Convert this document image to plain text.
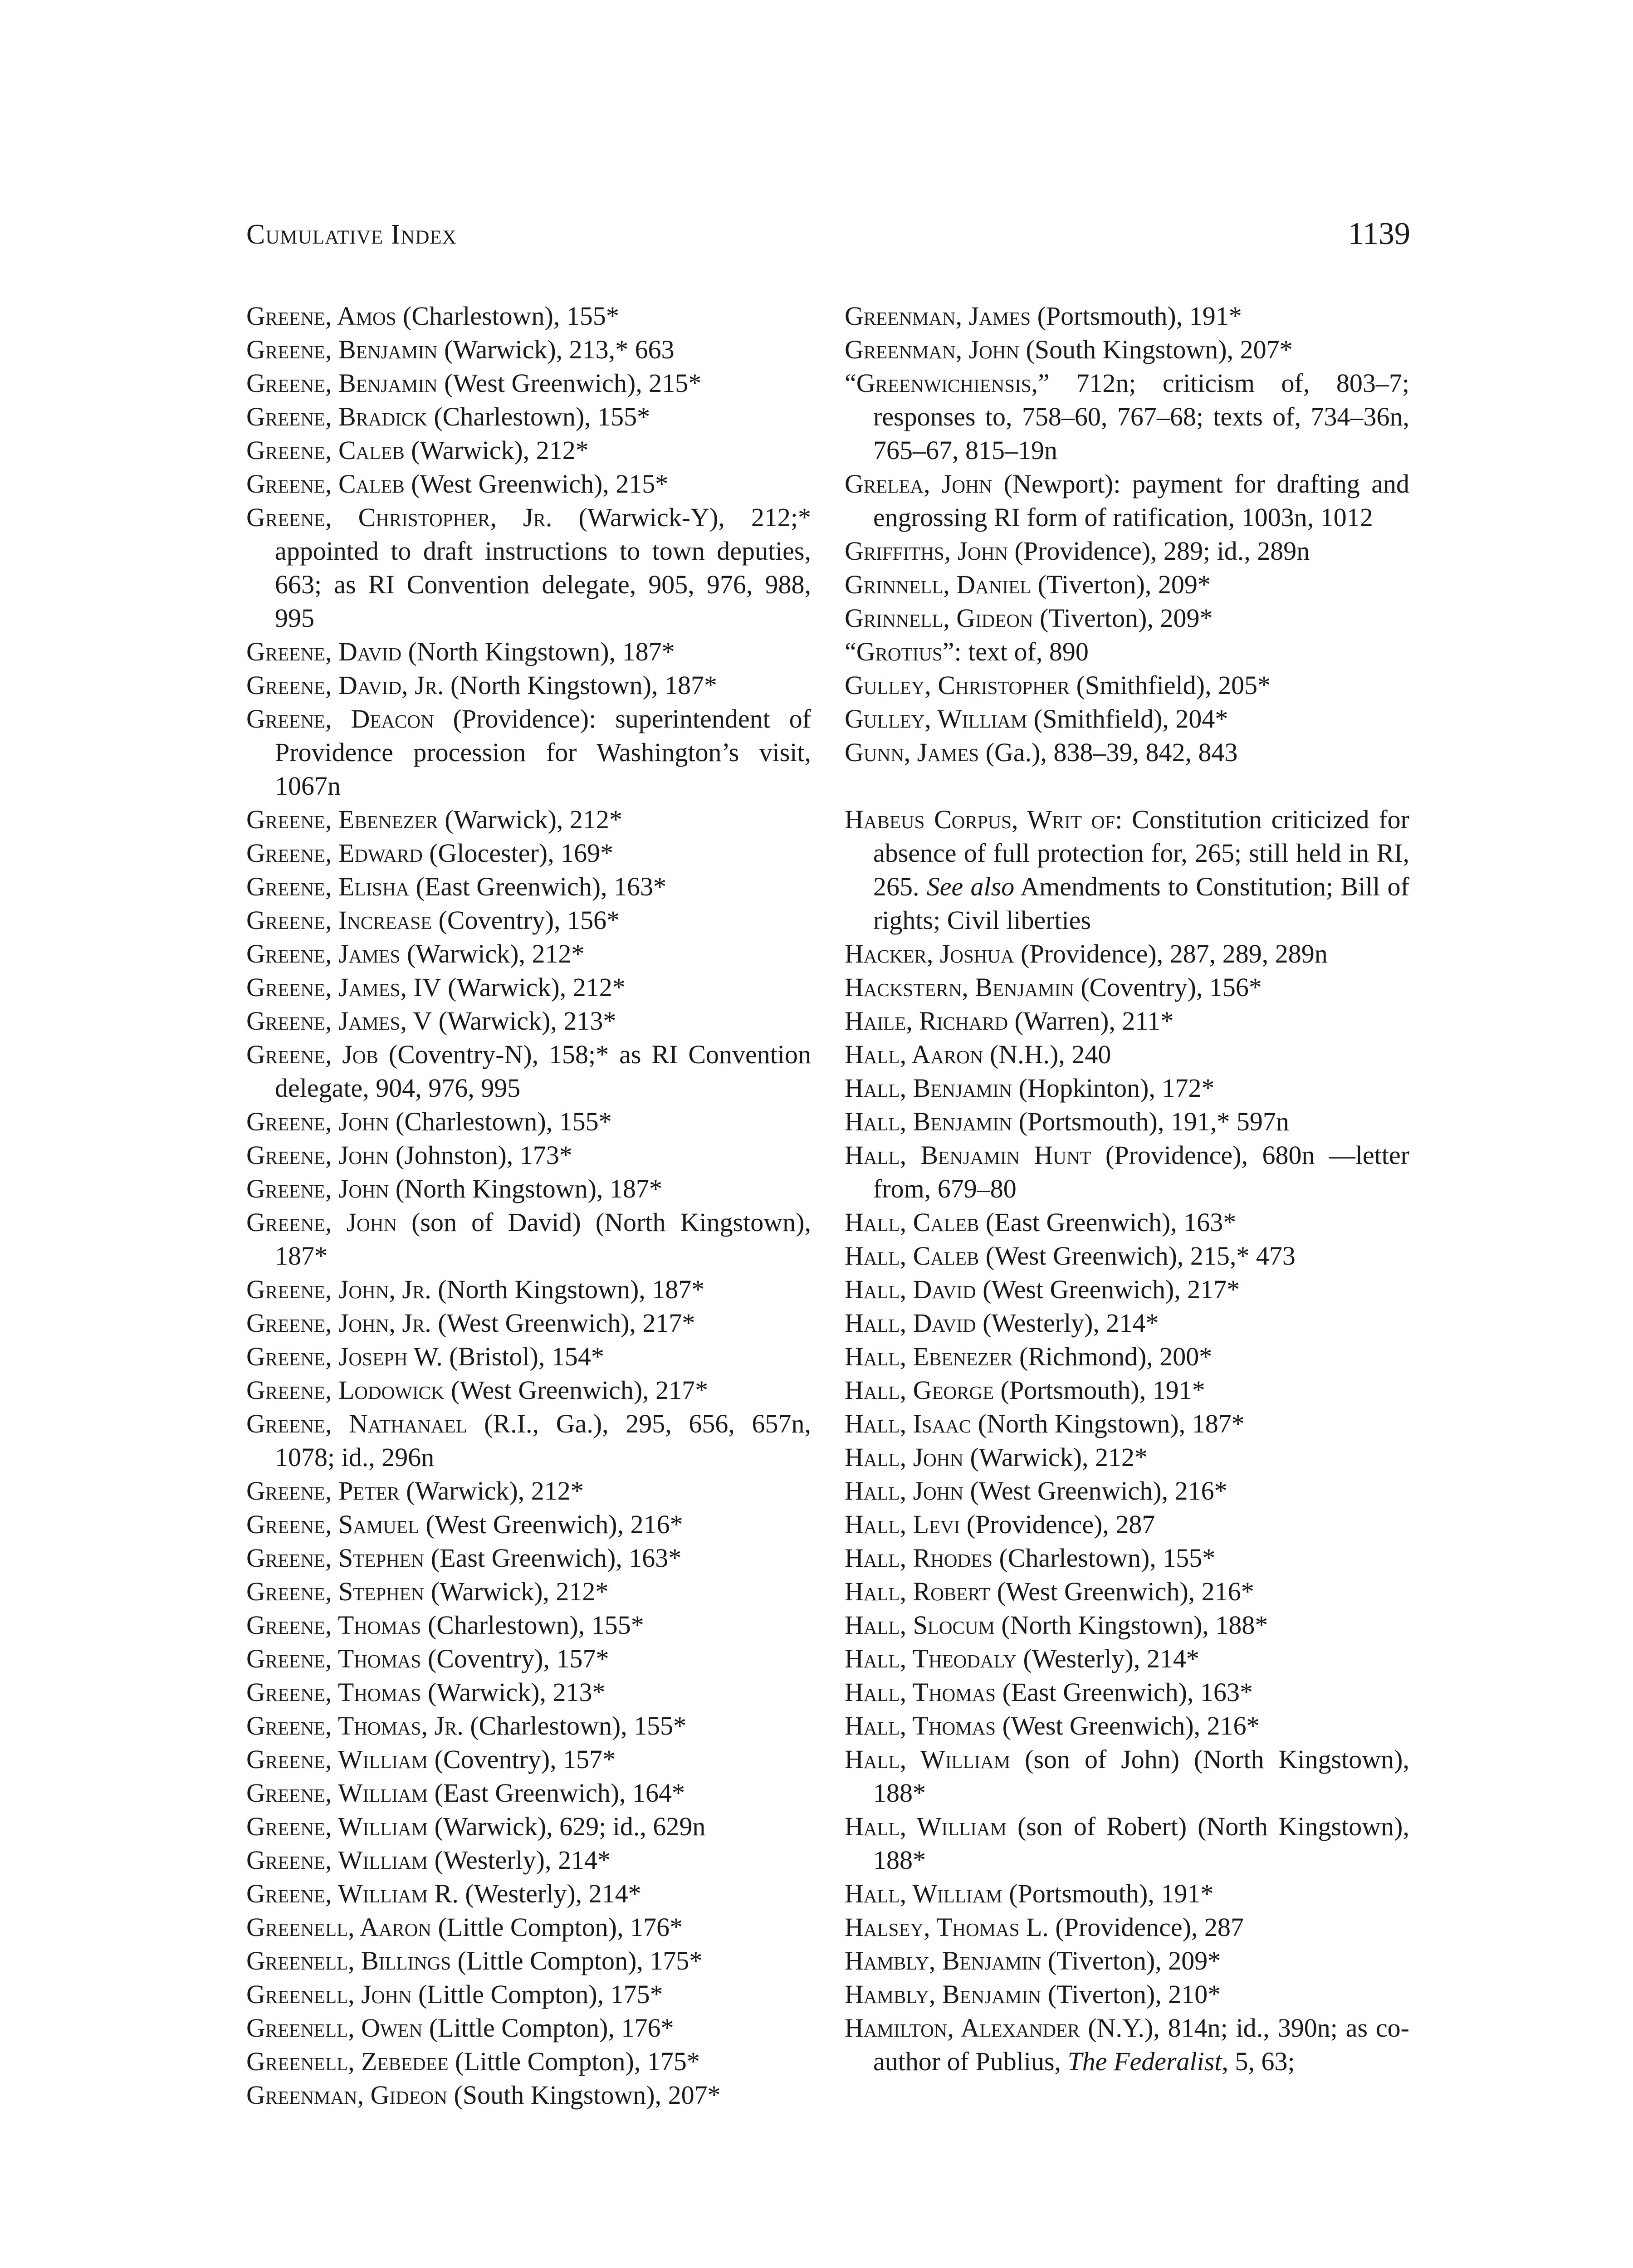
Cumulative Index	1139
Greene, Amos (Charlestown), 155*
Greene, Benjamin (Warwick), 213,* 663
Greene, Benjamin (West Greenwich), 215*
Greene, Bradick (Charlestown), 155*
Greene, Caleb (Warwick), 212*
Greene, Caleb (West Greenwich), 215*
Greene, Christopher, Jr. (Warwick-Y), 212;* appointed to draft instructions to town deputies, 663; as RI Convention delegate, 905, 976, 988, 995
Greene, David (North Kingstown), 187*
Greene, David, Jr. (North Kingstown), 187*
Greene, Deacon (Providence): superintendent of Providence procession for Washington’s visit, 1067n
Greene, Ebenezer (Warwick), 212*
Greene, Edward (Glocester), 169*
Greene, Elisha (East Greenwich), 163*
Greene, Increase (Coventry), 156*
Greene, James (Warwick), 212*
Greene, James, IV (Warwick), 212*
Greene, James, V (Warwick), 213*
Greene, Job (Coventry-N), 158;* as RI Convention delegate, 904, 976, 995
Greene, John (Charlestown), 155*
Greene, John (Johnston), 173*
Greene, John (North Kingstown), 187*
Greene, John (son of David) (North Kingstown), 187*
Greene, John, Jr. (North Kingstown), 187*
Greene, John, Jr. (West Greenwich), 217*
Greene, Joseph W. (Bristol), 154*
Greene, Lodowick (West Greenwich), 217*
Greene, Nathanael (R.I., Ga.), 295, 656, 657n, 1078; id., 296n
Greene, Peter (Warwick), 212*
Greene, Samuel (West Greenwich), 216*
Greene, Stephen (East Greenwich), 163*
Greene, Stephen (Warwick), 212*
Greene, Thomas (Charlestown), 155*
Greene, Thomas (Coventry), 157*
Greene, Thomas (Warwick), 213*
Greene, Thomas, Jr. (Charlestown), 155*
Greene, William (Coventry), 157*
Greene, William (East Greenwich), 164*
Greene, William (Warwick), 629; id., 629n
Greene, William (Westerly), 214*
Greene, William R. (Westerly), 214*
Greenell, Aaron (Little Compton), 176*
Greenell, Billings (Little Compton), 175*
Greenell, John (Little Compton), 175*
Greenell, Owen (Little Compton), 176*
Greenell, Zebedee (Little Compton), 175*
Greenman, Gideon (South Kingstown), 207*
Greenman, James (Portsmouth), 191*
Greenman, John (South Kingstown), 207*
“Greenwichiensis,” 712n; criticism of, 803–7; responses to, 758–60, 767–68; texts of, 734–36n, 765–67, 815–19n
Grelea, John (Newport): payment for drafting and engrossing RI form of ratification, 1003n, 1012
Griffiths, John (Providence), 289; id., 289n
Grinnell, Daniel (Tiverton), 209*
Grinnell, Gideon (Tiverton), 209*
“Grotius”: text of, 890
Gulley, Christopher (Smithfield), 205*
Gulley, William (Smithfield), 204*
Gunn, James (Ga.), 838–39, 842, 843
Habeus Corpus, Writ of: Constitution criticized for absence of full protection for, 265; still held in RI, 265. See also Amendments to Constitution; Bill of rights; Civil liberties
Hacker, Joshua (Providence), 287, 289, 289n
Hackstern, Benjamin (Coventry), 156*
Haile, Richard (Warren), 211*
Hall, Aaron (N.H.), 240
Hall, Benjamin (Hopkinton), 172*
Hall, Benjamin (Portsmouth), 191,* 597n
Hall, Benjamin Hunt (Providence), 680n —letter from, 679–80
Hall, Caleb (East Greenwich), 163*
Hall, Caleb (West Greenwich), 215,* 473
Hall, David (West Greenwich), 217*
Hall, David (Westerly), 214*
Hall, Ebenezer (Richmond), 200*
Hall, George (Portsmouth), 191*
Hall, Isaac (North Kingstown), 187*
Hall, John (Warwick), 212*
Hall, John (West Greenwich), 216*
Hall, Levi (Providence), 287
Hall, Rhodes (Charlestown), 155*
Hall, Robert (West Greenwich), 216*
Hall, Slocum (North Kingstown), 188*
Hall, Theodaly (Westerly), 214*
Hall, Thomas (East Greenwich), 163*
Hall, Thomas (West Greenwich), 216*
Hall, William (son of John) (North Kingstown), 188*
Hall, William (son of Robert) (North Kingstown), 188*
Hall, William (Portsmouth), 191*
Halsey, Thomas L. (Providence), 287
Hambly, Benjamin (Tiverton), 209*
Hambly, Benjamin (Tiverton), 210*
Hamilton, Alexander (N.Y.), 814n; id., 390n; as co-author of Publius, The Federalist, 5, 63;
